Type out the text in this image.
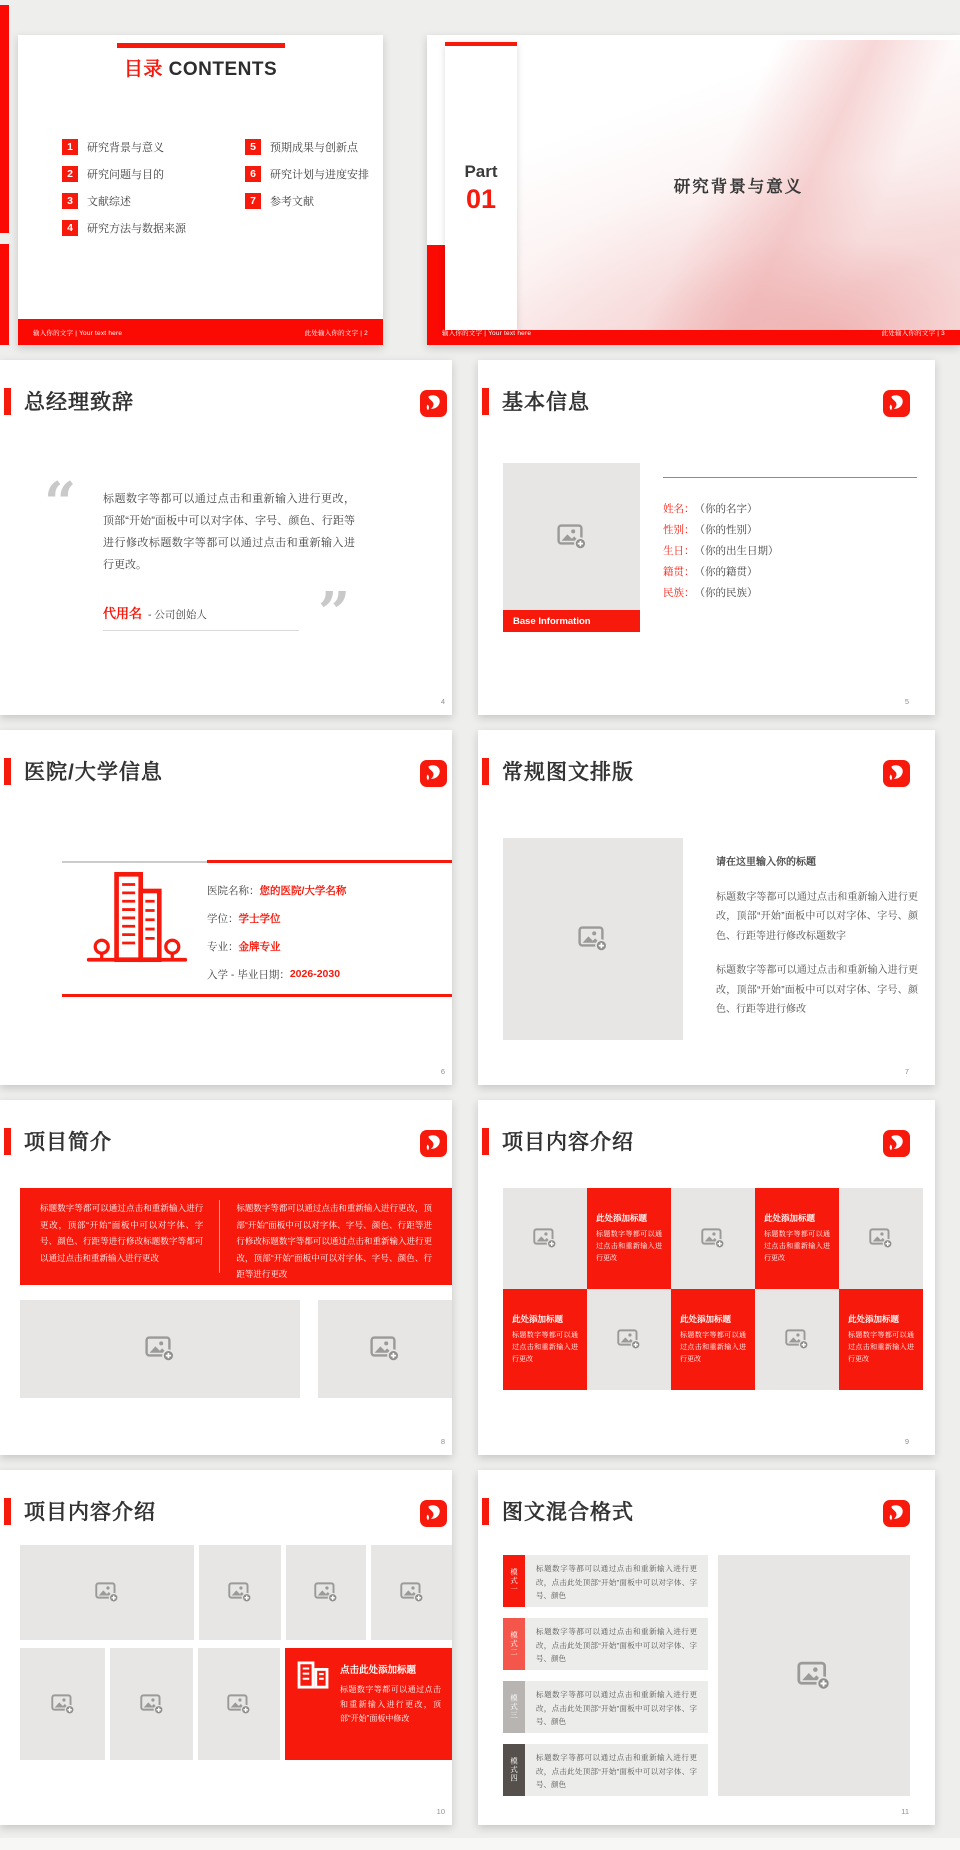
目录 CONTENTS
1	研究背景与意义
2	研究问题与目的
3	文献综述
4	研究方法与数据来源
5	预期成果与创新点
6	研究计划与进度安排
7	参考文献
输入你的文字 | Your text here	此处输入你的文字 | 2
研究背景与意义
Part
01
输入你的文字 | Your text here	此处输入你的文字 | 3
总经理致辞
“ 标题数字等都可以通过点击和重新输入进行更改，顶部“开始”面板中可以对字体、字号、颜色、行距等进行修改标题数字等都可以通过点击和重新输入进行更改。

”
代用名 - 公司创始人
4
基本信息
Base Information
姓名： （你的名字）
性别： （你的性别）
生日： （你的出生日期）
籍贯： （你的籍贯）
民族： （你的民族）
5
医院/大学信息
医院名称： 您的医院/大学名称
学位： 学士学位
专业： 金牌专业
入学 - 毕业日期： 2026-2030
6
常规图文排版

请在这里输入你的标题

标题数字等都可以通过点击和重新输入进行更改，顶部“开始”面板中可以对字体、字号、颜色、行距等进行修改标题数字

标题数字等都可以通过点击和重新输入进行更改，顶部“开始”面板中可以对字体、字号、颜色、行距等进行修改

7
项目简介

标题数字等都可以通过点击和重新输入进行更改，顶部“开始”面板中可以对字体、字号、颜色、行距等进行修改标题数字等都可以通过点击和重新输入进行更改

标题数字等都可以通过点击和重新输入进行更改，顶部“开始”面板中可以对字体、字号、颜色、行距等进行修改标题数字等都可以通过点击和重新输入进行更改，顶部“开始”面板中可以对字体、字号、颜色、行距等进行更改

8
项目内容介绍
此处添加标题

标题数字等都可以通过点击和重新输入进行更改

此处添加标题

标题数字等都可以通过点击和重新输入进行更改

此处添加标题

标题数字等都可以通过点击和重新输入进行更改

此处添加标题

标题数字等都可以通过点击和重新输入进行更改

此处添加标题

标题数字等都可以通过点击和重新输入进行更改

9
项目内容介绍
点击此处添加标题

标题数字等都可以通过点击和重新输入进行更改，顶部“开始”面板中修改

10
图文混合格式
模式一	标题数字等都可以通过点击和重新输入进行更改，点击此处顶部“开始”面板中可以对字体、字号、颜色
模式二	标题数字等都可以通过点击和重新输入进行更改，点击此处顶部“开始”面板中可以对字体、字号、颜色
模式三	标题数字等都可以通过点击和重新输入进行更改，点击此处顶部“开始”面板中可以对字体、字号、颜色
模式四	标题数字等都可以通过点击和重新输入进行更改，点击此处顶部“开始”面板中可以对字体、字号、颜色
11
